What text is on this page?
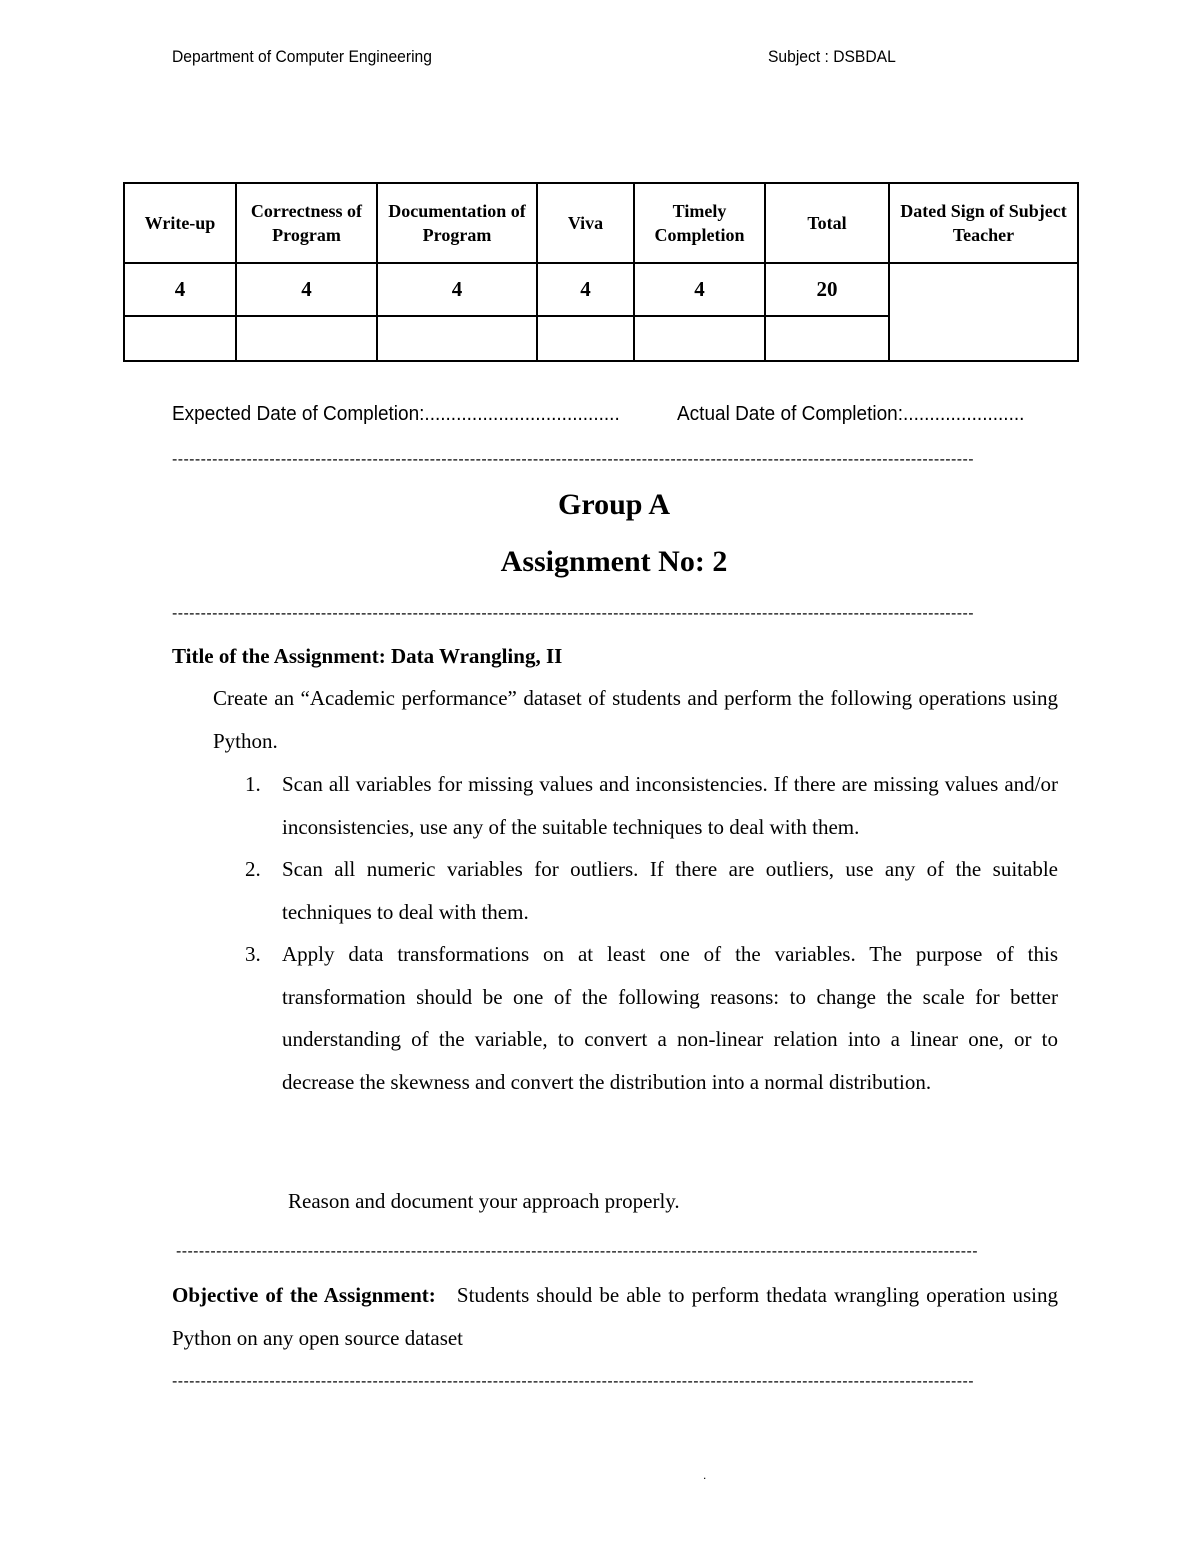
Department of Computer Engineering	Subject : DSBDAL
Write-up	Correctness of Program	Documentation of Program	Viva	Timely Completion	Total	Dated Sign of Subject Teacher
4	4	4	4	4	20	

Expected Date of Completion:.....................................	Actual Date of Completion:.......................
--------------------------------------------------------------------------------------------------------------------------------------------
Group A
Assignment No: 2
--------------------------------------------------------------------------------------------------------------------------------------------
Title of the Assignment: Data Wrangling, II
Create an “Academic performance” dataset of students and perform the following operations using Python.
1. Scan all variables for missing values and inconsistencies. If there are missing values and/or inconsistencies, use any of the suitable techniques to deal with them.
2. Scan all numeric variables for outliers. If there are outliers, use any of the suitable techniques to deal with them.
3. Apply data transformations on at least one of the variables. The purpose of this transformation should be one of the following reasons: to change the scale for better understanding of the variable, to convert a non-linear relation into a linear one, or to decrease the skewness and convert the distribution into a normal distribution.
Reason and document your approach properly.
--------------------------------------------------------------------------------------------------------------------------------------------
Objective of the Assignment: Students should be able to perform thedata wrangling operation using Python on any open source dataset
--------------------------------------------------------------------------------------------------------------------------------------------
.
